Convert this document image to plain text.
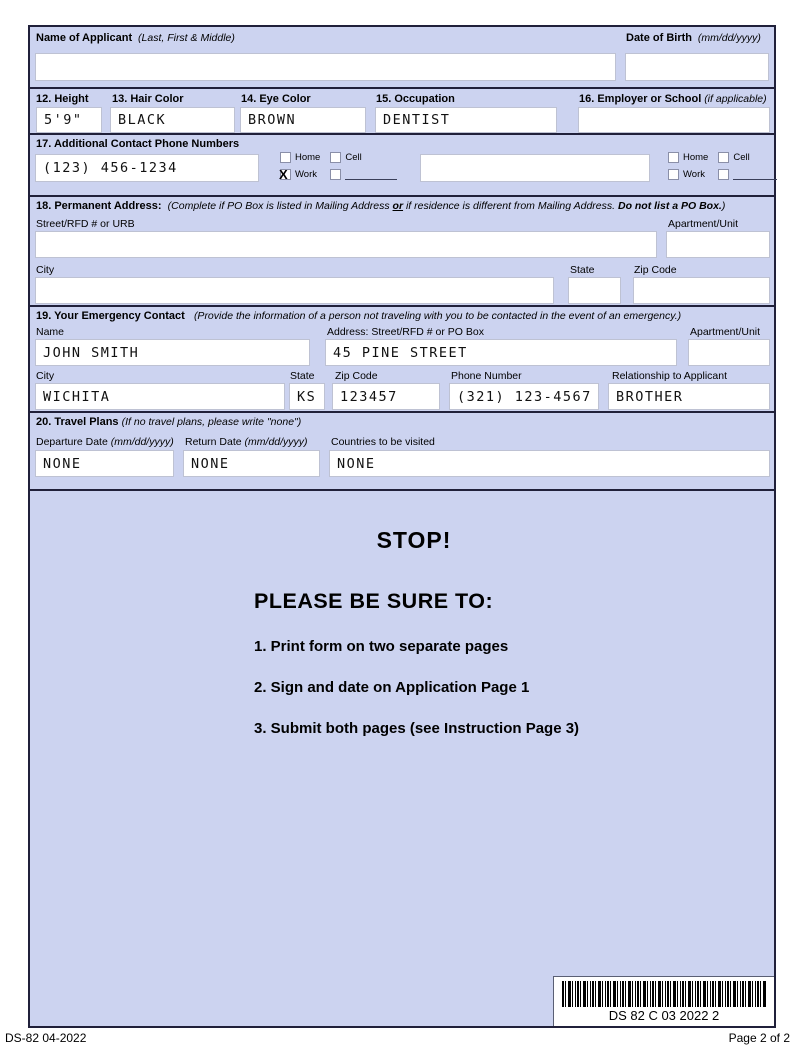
Name of Applicant (Last, First & Middle)	Date of Birth (mm/dd/yyyy)
12. Height 13. Hair Color	14. Eye Color	15. Occupation	16. Employer or School (if applicable)
5'9"	BLACK	BROWN	DENTIST
17. Additional Contact Phone Numbers
(123) 456-1234
Home	Cell
X Work
Home	Cell
Work
18. Permanent Address: (Complete if PO Box is listed in Mailing Address or if residence is different from Mailing Address. Do not list a PO Box.)
Street/RFD # or URB	Apartment/Unit
City	State	Zip Code
19. Your Emergency Contact (Provide the information of a person not traveling with you to be contacted in the event of an emergency.)
Name	Address: Street/RFD # or PO Box	Apartment/Unit
JOHN SMITH	45 PINE STREET
City	State Zip Code	Phone Number	Relationship to Applicant
WICHITA	KS	123457	(321) 123-4567	BROTHER
20. Travel Plans (If no travel plans, please write "none")
Departure Date (mm/dd/yyyy) Return Date (mm/dd/yyyy) Countries to be visited
NONE	NONE	NONE
STOP!
PLEASE BE SURE TO:
1. Print form on two separate pages
2. Sign and date on Application Page 1
3. Submit both pages (see Instruction Page 3)
DS 82 C 03 2022 2
DS-82 04-2022	Page 2 of 2
